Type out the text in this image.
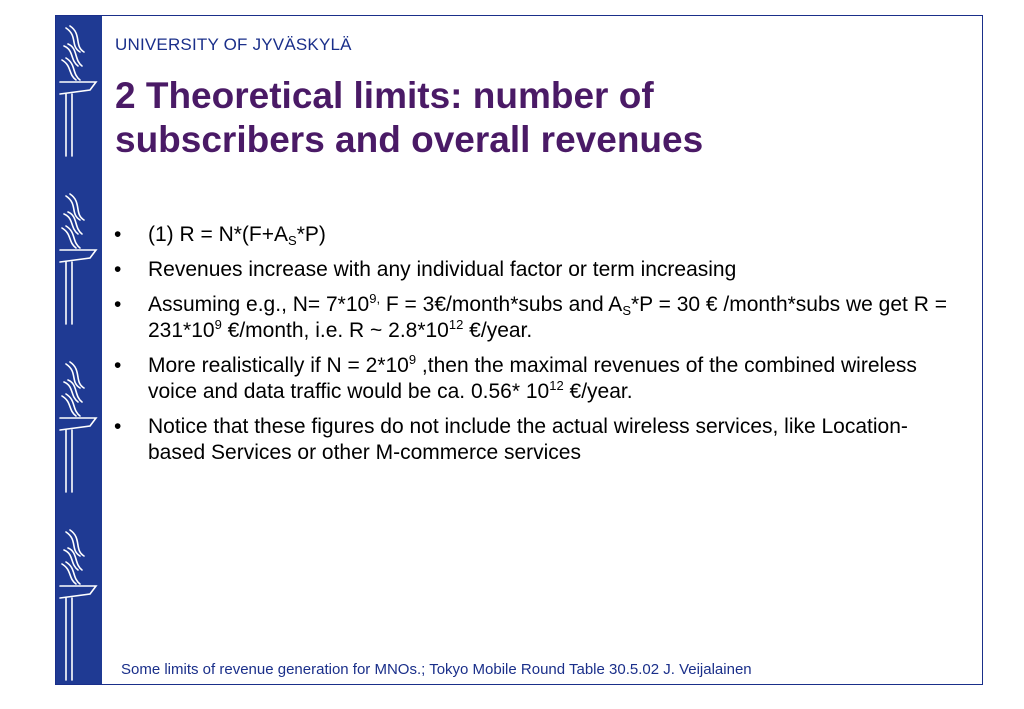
UNIVERSITY OF JYVÄSKYLÄ
2 Theoretical limits: number of
subscribers and overall revenues
• (1) $R = N*(F+A_S*P)$
• Revenues increase with any individual factor or term increasing
• Assuming e.g., $N= 7*10^{9,}$ F = 3€/month*subs and $A_S*P = 30$ € /month*subs we get $R = 231*10^9$ €/month, i.e. R ~ $2.8*10^{12}$ €/year.
• More realistically if $N = 2*10^9$ ,then the maximal revenues of the combined wireless voice and data traffic would be ca. 0.56* $10^{12}$ €/year.
• Notice that these figures do not include the actual wireless services, like Location-based Services or other M-commerce services
Some limits of revenue generation for MNOs.; Tokyo Mobile Round Table 30.5.02 J. Veijalainen
